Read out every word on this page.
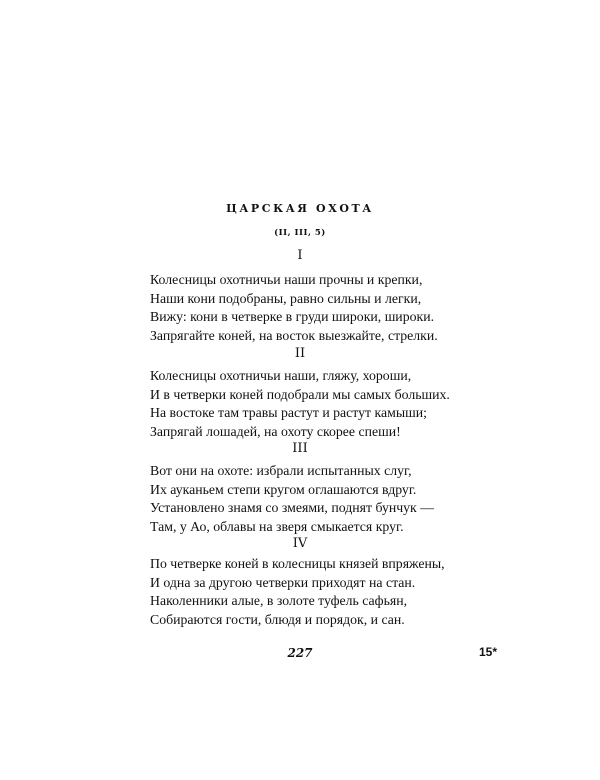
ЦАРСКАЯ ОХОТА
(II, III, 5)
I
Колесницы охотничьи наши прочны и крепки,
Наши кони подобраны, равно сильны и легки,
Вижу: кони в четверке в груди широки, широки.
Запрягайте коней, на восток выезжайте, стрелки.
II
Колесницы охотничьи наши, гляжу, хороши,
И в четверки коней подобрали мы самых больших.
На востоке там травы растут и растут камыши;
Запрягай лошадей, на охоту скорее спеши!
III
Вот они на охоте: избрали испытанных слуг,
Их ауканьем степи кругом оглашаются вдруг.
Установлено знамя со змеями, поднят бунчук —
Там, у Ао, облавы на зверя смыкается круг.
IV
По четверке коней в колесницы князей впряжены,
И одна за другою четверки приходят на стан.
Наколенники алые, в золоте туфель сафьян,
Собираются гости, блюдя и порядок, и сан.
227	15*
